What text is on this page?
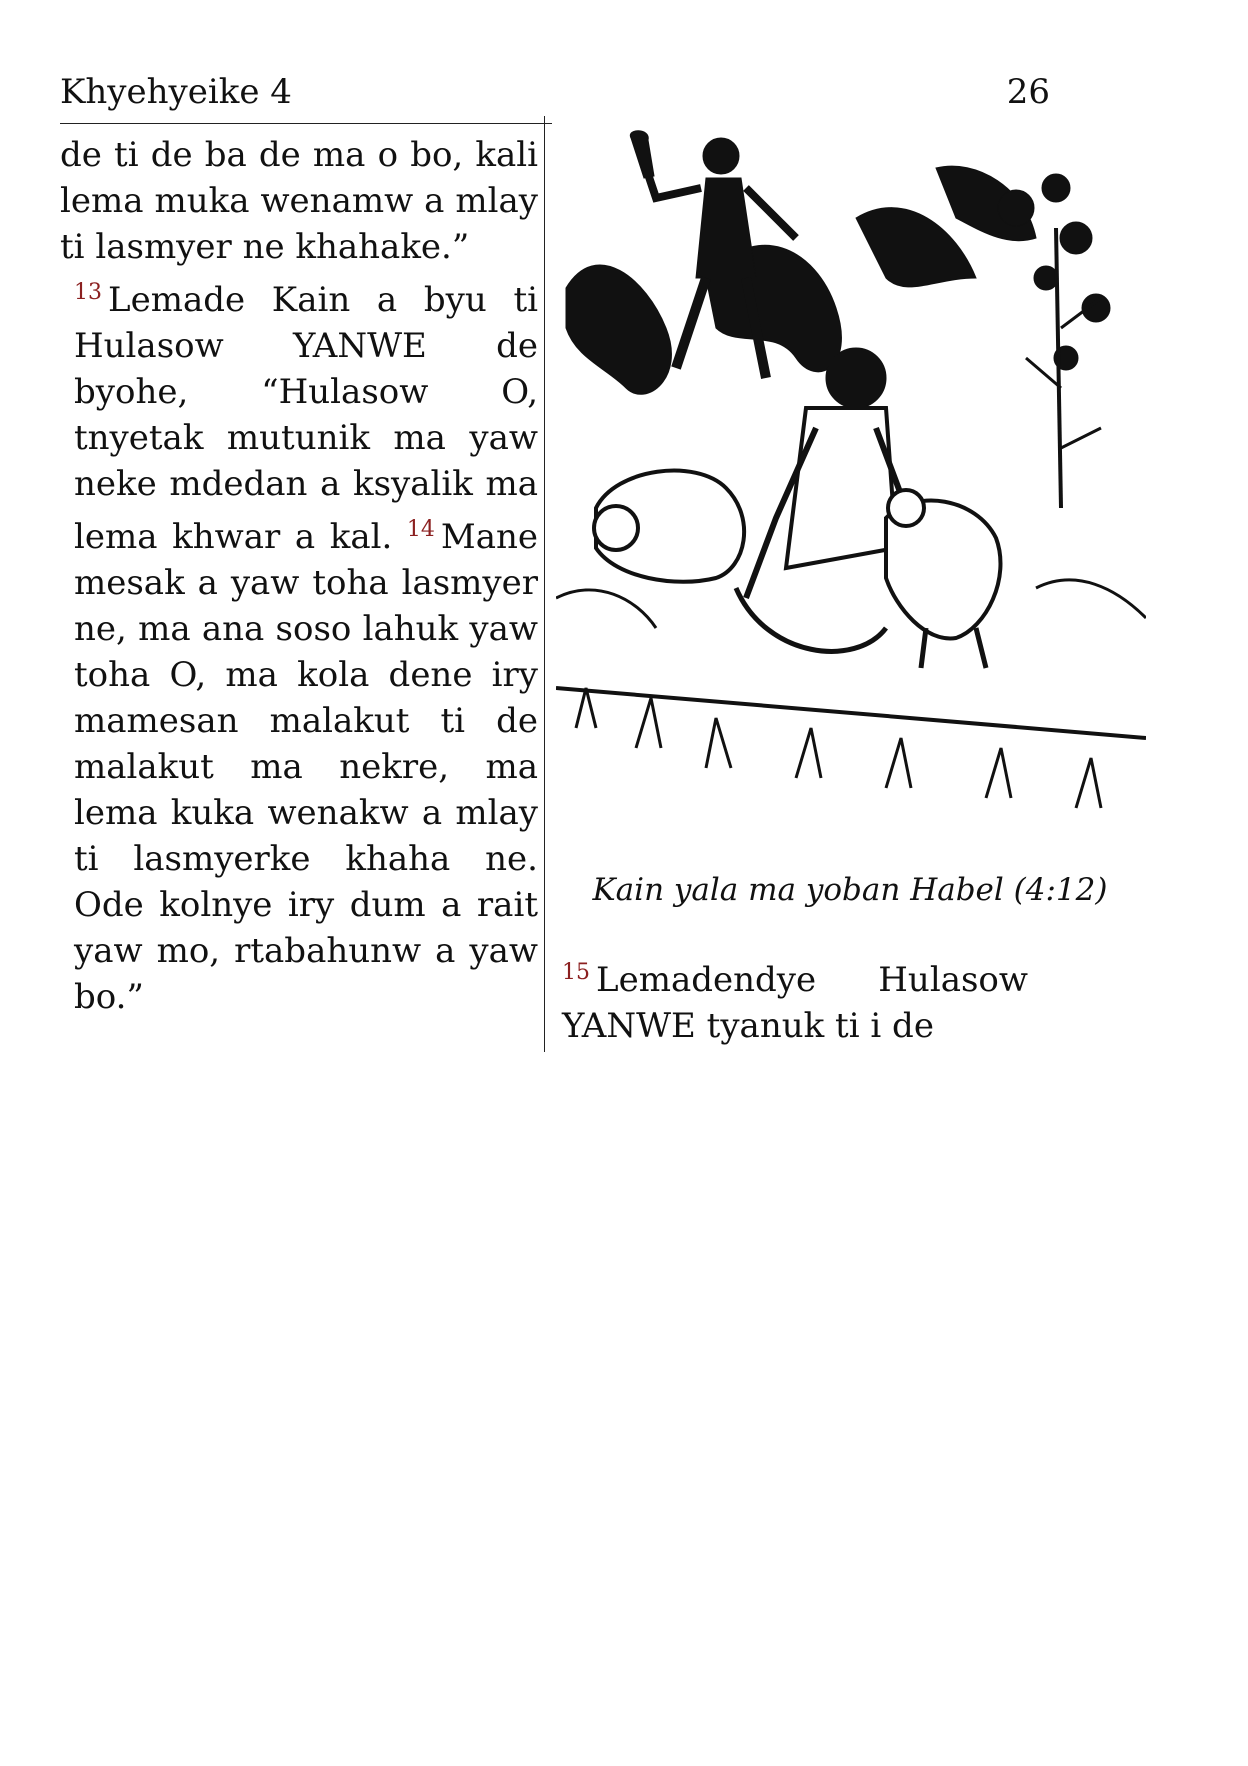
Khyehyeike 4	26

de ti de ba de ma o bo, kali lema muka wenamw a mlay ti lasmyer ne khahake.”

$^{13}$ Lemade Kain a byu ti Hulasow YANWE de byohe, “Hulasow O, tnyetak mutunik ma yaw neke mdedan a ksyalik ma lema khwar a kal. $^{14}$ Mane mesak a yaw toha lasmyer ne, ma ana soso lahuk yaw toha O, ma kola dene iry mamesan malakut ti de malakut ma nekre, ma lema kuka wenakw a mlay ti lasmyerke khaha ne. Ode kolnye iry dum a rait yaw mo, rtabahunw a yaw bo.”

Kain yala ma yoban Habel (4:12)

$^{15}$ Lemadendye Hulasow YANWE tyanuk ti i de
